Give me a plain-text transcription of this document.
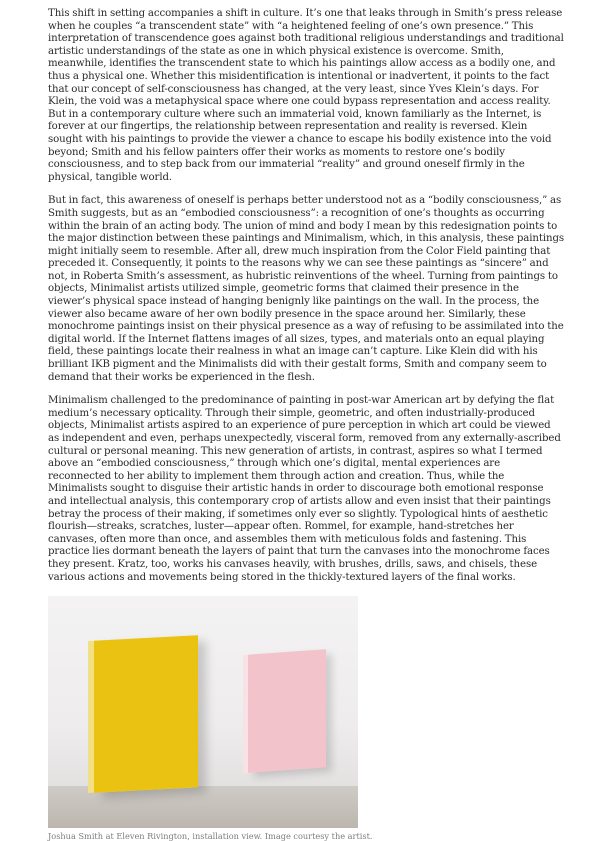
This shift in setting accompanies a shift in culture. It’s one that leaks through in Smith’s press release when he couples “a transcendent state” with “a heightened feeling of one’s own presence.” This interpretation of transcendence goes against both traditional religious understandings and traditional artistic understandings of the state as one in which physical existence is overcome. Smith, meanwhile, identifies the transcendent state to which his paintings allow access as a bodily one, and thus a physical one. Whether this misidentification is intentional or inadvertent, it points to the fact that our concept of self-consciousness has changed, at the very least, since Yves Klein’s days. For Klein, the void was a metaphysical space where one could bypass representation and access reality. But in a contemporary culture where such an immaterial void, known familiarly as the Internet, is forever at our fingertips, the relationship between representation and reality is reversed. Klein sought with his paintings to provide the viewer a chance to escape his bodily existence into the void beyond; Smith and his fellow painters offer their works as moments to restore one’s bodily consciousness, and to step back from our immaterial “reality” and ground oneself firmly in the physical, tangible world.

But in fact, this awareness of oneself is perhaps better understood not as a “bodily consciousness,” as Smith suggests, but as an “embodied consciousness”: a recognition of one’s thoughts as occurring within the brain of an acting body. The union of mind and body I mean by this redesignation points to the major distinction between these paintings and Minimalism, which, in this analysis, these paintings might initially seem to resemble. After all, drew much inspiration from the Color Field painting that preceded it. Consequently, it points to the reasons why we can see these paintings as “sincere” and not, in Roberta Smith’s assessment, as hubristic reinventions of the wheel. Turning from paintings to objects, Minimalist artists utilized simple, geometric forms that claimed their presence in the viewer’s physical space instead of hanging benignly like paintings on the wall. In the process, the viewer also became aware of her own bodily presence in the space around her. Similarly, these monochrome paintings insist on their physical presence as a way of refusing to be assimilated into the digital world. If the Internet flattens images of all sizes, types, and materials onto an equal playing field, these paintings locate their realness in what an image can’t capture. Like Klein did with his brilliant IKB pigment and the Minimalists did with their gestalt forms, Smith and company seem to demand that their works be experienced in the flesh.

Minimalism challenged to the predominance of painting in post-war American art by defying the flat medium’s necessary opticality. Through their simple, geometric, and often industrially-produced objects, Minimalist artists aspired to an experience of pure perception in which art could be viewed as independent and even, perhaps unexpectedly, visceral form, removed from any externally-ascribed cultural or personal meaning. This new generation of artists, in contrast, aspires so what I termed above an “embodied consciousness,” through which one’s digital, mental experiences are reconnected to her ability to implement them through action and creation. Thus, while the Minimalists sought to disguise their artistic hands in order to discourage both emotional response and intellectual analysis, this contemporary crop of artists allow and even insist that their paintings betray the process of their making, if sometimes only ever so slightly. Typological hints of aesthetic flourish—streaks, scratches, luster—appear often. Rommel, for example, hand-stretches her canvases, often more than once, and assembles them with meticulous folds and fastening. This practice lies dormant beneath the layers of paint that turn the canvases into the monochrome faces they present. Kratz, too, works his canvases heavily, with brushes, drills, saws, and chisels, these various actions and movements being stored in the thickly-textured layers of the final works.

Joshua Smith at Eleven Rivington, installation view. Image courtesy the artist.
